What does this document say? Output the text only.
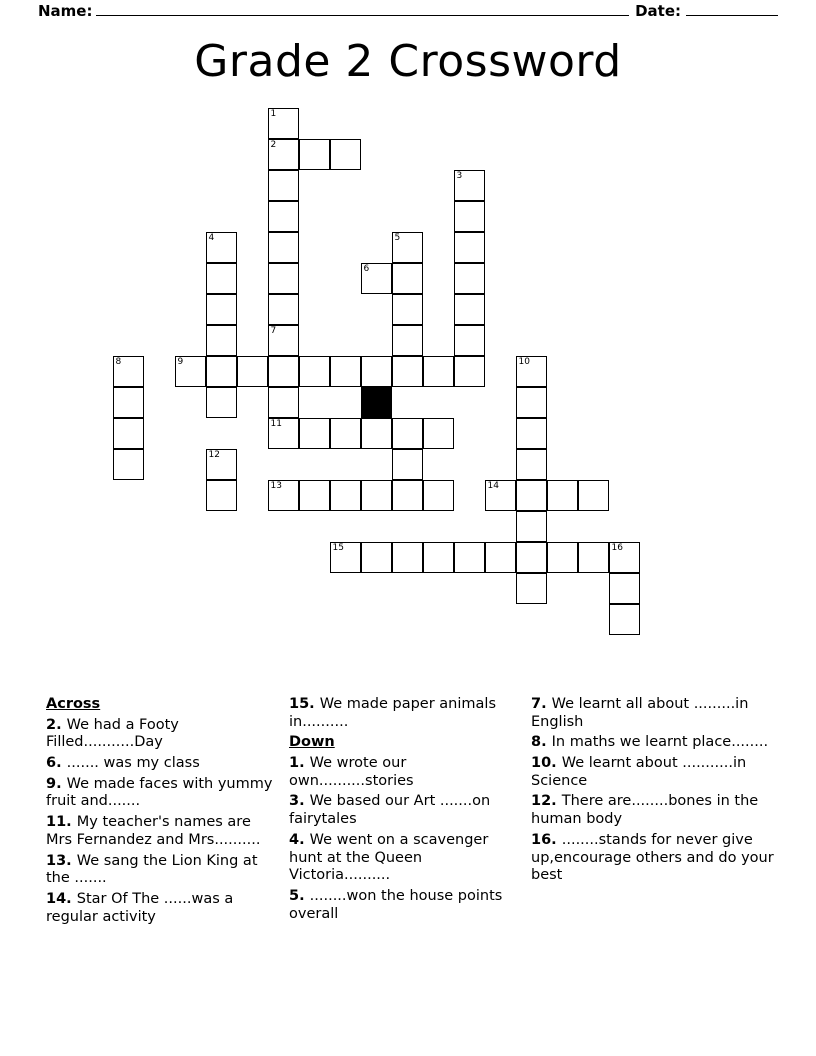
Name:	Date:
Grade 2 Crossword
1
2
3
4	5
6
7
8	9	10
11
12
13	14
15	16
Across
2. We had a Footy Filled...........Day
6. ....... was my class
9. We made faces with yummy fruit and.......
11. My teacher's names are Mrs Fernandez and Mrs..........
13. We sang the Lion King at the .......
14. Star Of The ......was a regular activity
15. We made paper animals in..........
Down
1. We wrote our own..........stories
3. We based our Art .......on fairytales
4. We went on a scavenger hunt at the Queen Victoria..........
5. ........won the house points overall
7. We learnt all about .........in English
8. In maths we learnt place........
10. We learnt about ...........in Science
12. There are........bones in the human body
16. ........stands for never give up,encourage others and do your best
